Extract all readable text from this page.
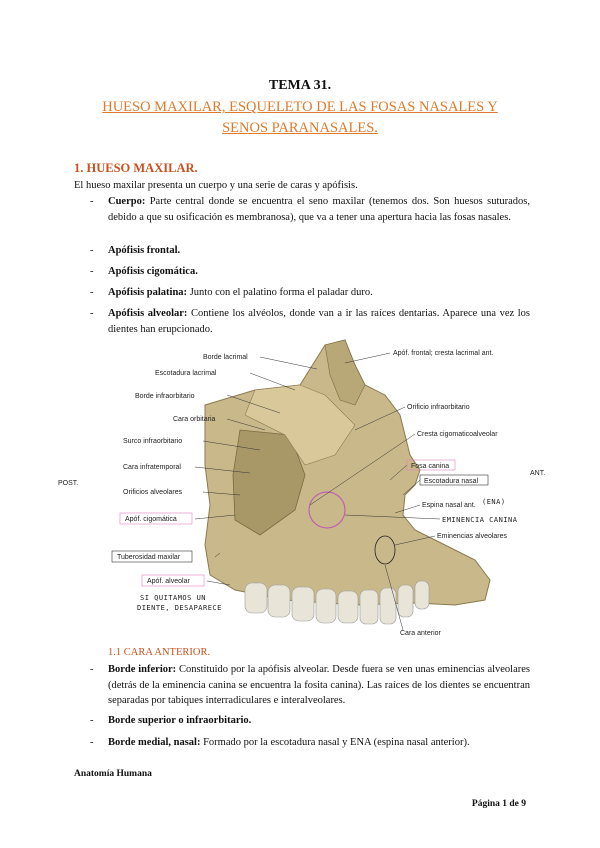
TEMA 31.
HUESO MAXILAR, ESQUELETO DE LAS FOSAS NASALES Y
SENOS PARANASALES.
1. HUESO MAXILAR.
El hueso maxilar presenta un cuerpo y una serie de caras y apófisis.
- Cuerpo: Parte central donde se encuentra el seno maxilar (tenemos dos. Son huesos suturados, debido a que su osificación es membranosa), que va a tener una apertura hacia las fosas nasales.
- Apófisis frontal.
- Apófisis cigomática.
- Apófisis palatina: Junto con el palatino forma el paladar duro.
- Apófisis alveolar: Contiene los alvéolos, donde van a ir las raíces dentarias. Aparece una vez los dientes han erupcionado.
Borde lacrimal
Escotadura lacrimal
Borde infraorbitario
Cara orbitaria
Surco infraorbitario
Cara infratemporal
Orificios alveolares
Apóf. cigomática
Tuberosidad maxilar
Apóf. alveolar
SI QUITAMOS UN
DIENTE, DESAPARECE
POST.
Apóf. frontal; cresta lacrimal ant.
Orificio infraorbitario
Cresta cigomaticoalveolar
Fosa canina
Escotadura nasal
Espina nasal ant. (ENA)
EMINENCIA CANINA
Eminencias alveolares
Cara anterior
ANT.
1.1 CARA ANTERIOR.
- Borde inferior: Constituido por la apófisis alveolar. Desde fuera se ven unas eminencias alveolares (detrás de la eminencia canina se encuentra la fosita canina). Las raíces de los dientes se encuentran separadas por tabiques interradiculares e interalveolares.
- Borde superior o infraorbitario.
- Borde medial, nasal: Formado por la escotadura nasal y ENA (espina nasal anterior).
Anatomía Humana
Página 1 de 9
